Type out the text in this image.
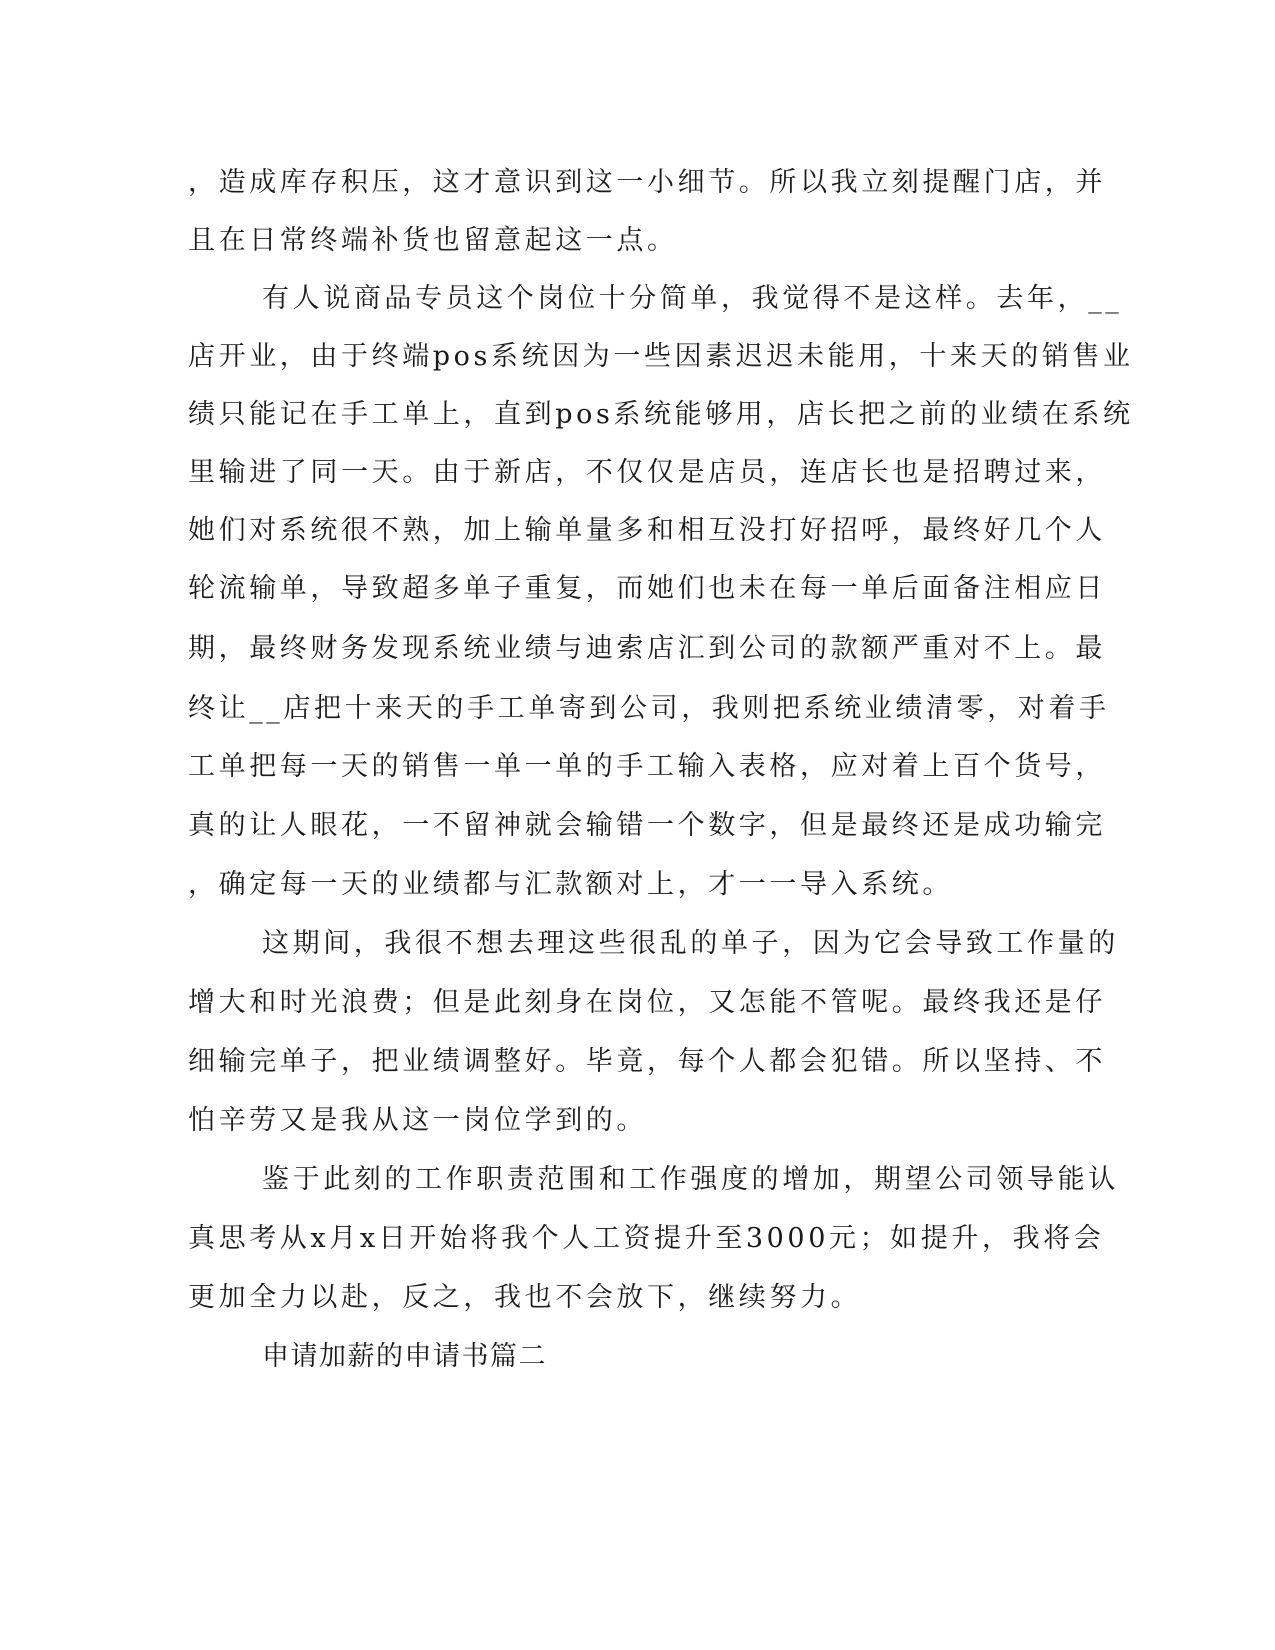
，造成库存积压，这才意识到这一小细节。所以我立刻提醒门店，并
且在日常终端补货也留意起这一点。
有人说商品专员这个岗位十分简单，我觉得不是这样。去年，__
店开业，由于终端pos系统因为一些因素迟迟未能用，十来天的销售业
绩只能记在手工单上，直到pos系统能够用，店长把之前的业绩在系统
里输进了同一天。由于新店，不仅仅是店员，连店长也是招聘过来，
她们对系统很不熟，加上输单量多和相互没打好招呼，最终好几个人
轮流输单，导致超多单子重复，而她们也未在每一单后面备注相应日
期，最终财务发现系统业绩与迪索店汇到公司的款额严重对不上。最
终让__店把十来天的手工单寄到公司，我则把系统业绩清零，对着手
工单把每一天的销售一单一单的手工输入表格，应对着上百个货号，
真的让人眼花，一不留神就会输错一个数字，但是最终还是成功输完
，确定每一天的业绩都与汇款额对上，才一一导入系统。
这期间，我很不想去理这些很乱的单子，因为它会导致工作量的
增大和时光浪费；但是此刻身在岗位，又怎能不管呢。最终我还是仔
细输完单子，把业绩调整好。毕竟，每个人都会犯错。所以坚持、不
怕辛劳又是我从这一岗位学到的。
鉴于此刻的工作职责范围和工作强度的增加，期望公司领导能认
真思考从x月x日开始将我个人工资提升至3000元；如提升，我将会
更加全力以赴，反之，我也不会放下，继续努力。
申请加薪的申请书篇二
